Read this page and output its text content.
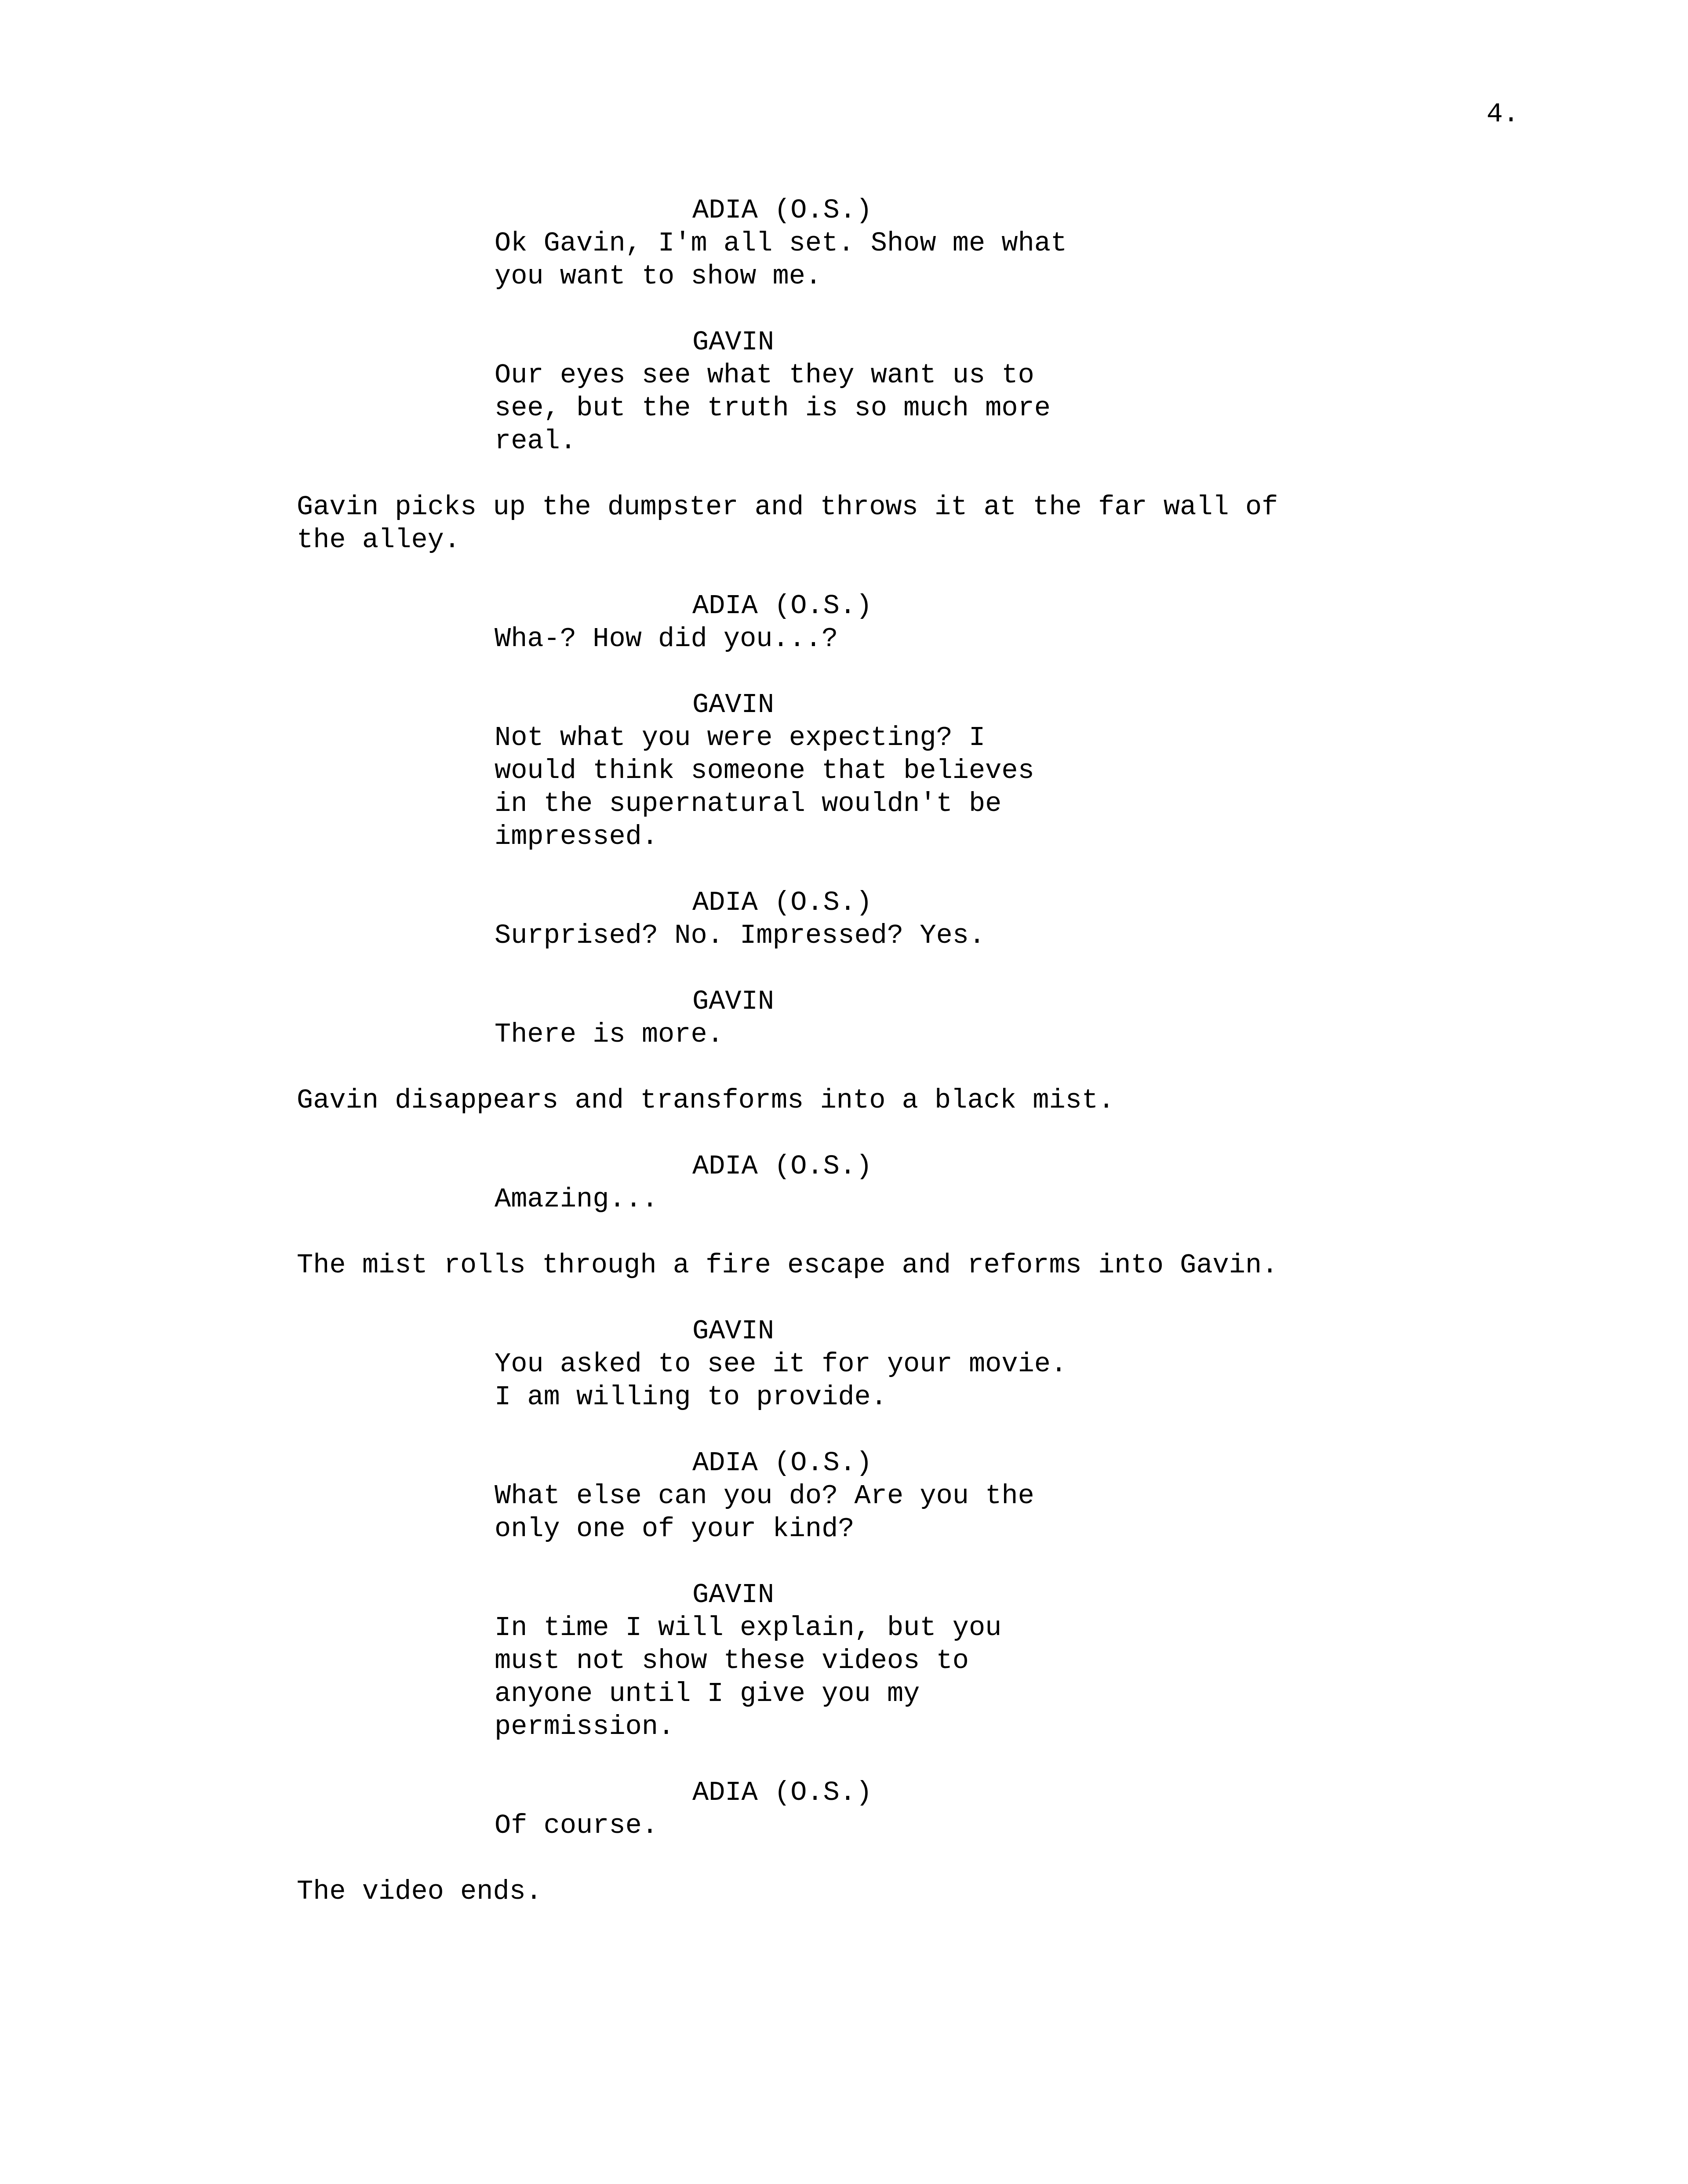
4.
ADIA (O.S.)
Ok Gavin, I'm all set. Show me what
you want to show me.
GAVIN
Our eyes see what they want us to
see, but the truth is so much more
real.
Gavin picks up the dumpster and throws it at the far wall of
the alley.
ADIA (O.S.)
Wha-? How did you...?
GAVIN
Not what you were expecting? I
would think someone that believes
in the supernatural wouldn't be
impressed.
ADIA (O.S.)
Surprised? No. Impressed? Yes.
GAVIN
There is more.
Gavin disappears and transforms into a black mist.
ADIA (O.S.)
Amazing...
The mist rolls through a fire escape and reforms into Gavin.
GAVIN
You asked to see it for your movie.
I am willing to provide.
ADIA (O.S.)
What else can you do? Are you the
only one of your kind?
GAVIN
In time I will explain, but you
must not show these videos to
anyone until I give you my
permission.
ADIA (O.S.)
Of course.
The video ends.
